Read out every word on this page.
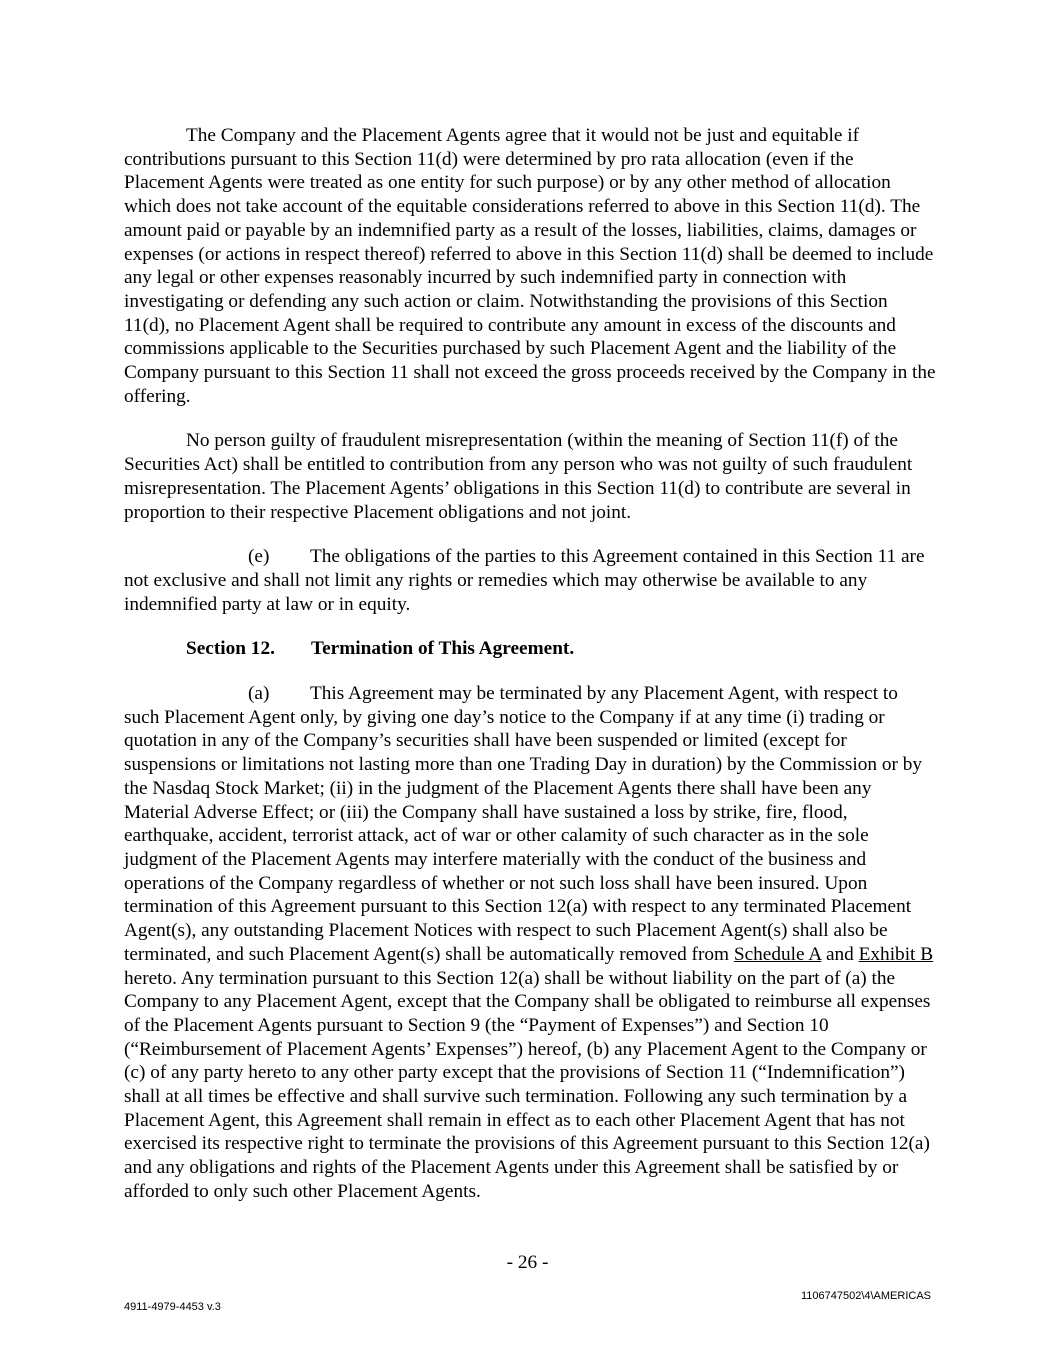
The Company and the Placement Agents agree that it would not be just and equitable if contributions pursuant to this Section 11(d) were determined by pro rata allocation (even if the Placement Agents were treated as one entity for such purpose) or by any other method of allocation which does not take account of the equitable considerations referred to above in this Section 11(d). The amount paid or payable by an indemnified party as a result of the losses, liabilities, claims, damages or expenses (or actions in respect thereof) referred to above in this Section 11(d) shall be deemed to include any legal or other expenses reasonably incurred by such indemnified party in connection with investigating or defending any such action or claim. Notwithstanding the provisions of this Section 11(d), no Placement Agent shall be required to contribute any amount in excess of the discounts and commissions applicable to the Securities purchased by such Placement Agent and the liability of the Company pursuant to this Section 11 shall not exceed the gross proceeds received by the Company in the offering.

No person guilty of fraudulent misrepresentation (within the meaning of Section 11(f) of the Securities Act) shall be entitled to contribution from any person who was not guilty of such fraudulent misrepresentation. The Placement Agents’ obligations in this Section 11(d) to contribute are several in proportion to their respective Placement obligations and not joint.

(e) The obligations of the parties to this Agreement contained in this Section 11 are not exclusive and shall not limit any rights or remedies which may otherwise be available to any indemnified party at law or in equity.

Section 12. Termination of This Agreement.

(a) This Agreement may be terminated by any Placement Agent, with respect to such Placement Agent only, by giving one day’s notice to the Company if at any time (i) trading or quotation in any of the Company’s securities shall have been suspended or limited (except for suspensions or limitations not lasting more than one Trading Day in duration) by the Commission or by the Nasdaq Stock Market; (ii) in the judgment of the Placement Agents there shall have been any Material Adverse Effect; or (iii) the Company shall have sustained a loss by strike, fire, flood, earthquake, accident, terrorist attack, act of war or other calamity of such character as in the sole judgment of the Placement Agents may interfere materially with the conduct of the business and operations of the Company regardless of whether or not such loss shall have been insured. Upon termination of this Agreement pursuant to this Section 12(a) with respect to any terminated Placement Agent(s), any outstanding Placement Notices with respect to such Placement Agent(s) shall also be terminated, and such Placement Agent(s) shall be automatically removed from Schedule A and Exhibit B hereto. Any termination pursuant to this Section 12(a) shall be without liability on the part of (a) the Company to any Placement Agent, except that the Company shall be obligated to reimburse all expenses of the Placement Agents pursuant to Section 9 (the “Payment of Expenses”) and Section 10 (“Reimbursement of Placement Agents’ Expenses”) hereof, (b) any Placement Agent to the Company or (c) of any party hereto to any other party except that the provisions of Section 11 (“Indemnification”) shall at all times be effective and shall survive such termination. Following any such termination by a Placement Agent, this Agreement shall remain in effect as to each other Placement Agent that has not exercised its respective right to terminate the provisions of this Agreement pursuant to this Section 12(a) and any obligations and rights of the Placement Agents under this Agreement shall be satisfied by or afforded to only such other Placement Agents.

- 26 -
4911-4979-4453 v.3
1106747502\4\AMERICAS
